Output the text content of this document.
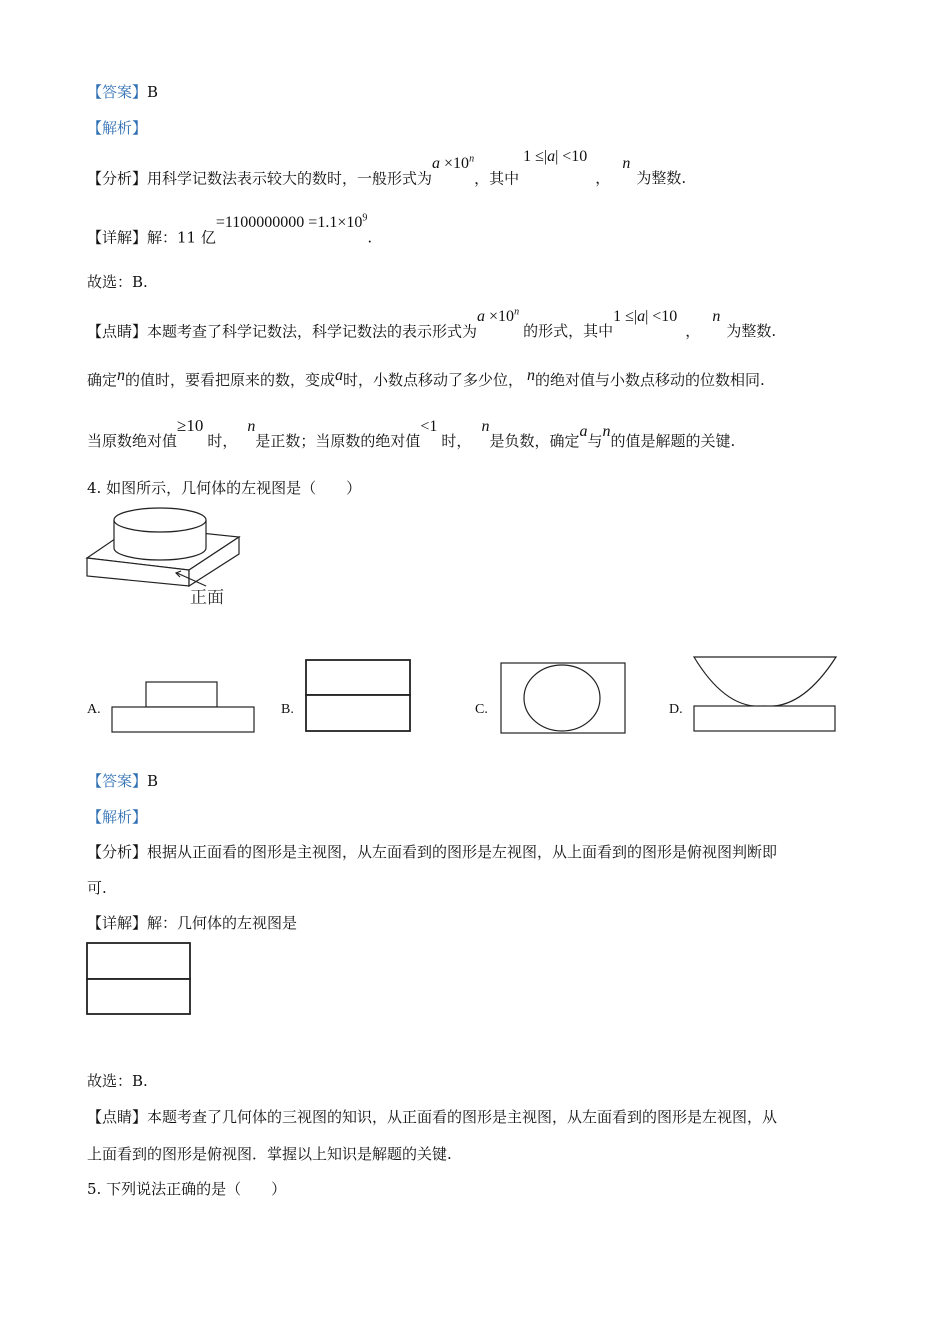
【答案】B
【解析】
【分析】用科学记数法表示较大的数时，一般形式为$a \times 10^n$，其中1 ≤|a| <10，n为整数.
【详解】解：11 亿$=1100000000 =1.1\times 10^9$.
故选：B.
【点睛】本题考查了科学记数法，科学记数法的表示形式为$a \times 10^n$的形式，其中1 ≤|a| <10，n为整数.
确定n的值时，要看把原来的数，变成a时，小数点移动了多少位， n的绝对值与小数点移动的位数相同.
当原数绝对值≥10时，n是正数；当原数的绝对值<1时，n是负数，确定a与n的值是解题的关键.
4. 如图所示，几何体的左视图是（　　）
正面
A.	B.	C.	D.
【答案】B
【解析】
【分析】根据从正面看的图形是主视图，从左面看到的图形是左视图，从上面看到的图形是俯视图判断即
可.
【详解】解：几何体的左视图是
故选：B.
【点睛】本题考查了几何体的三视图的知识，从正面看的图形是主视图，从左面看到的图形是左视图，从
上面看到的图形是俯视图．掌握以上知识是解题的关键.
5. 下列说法正确的是（　　）
